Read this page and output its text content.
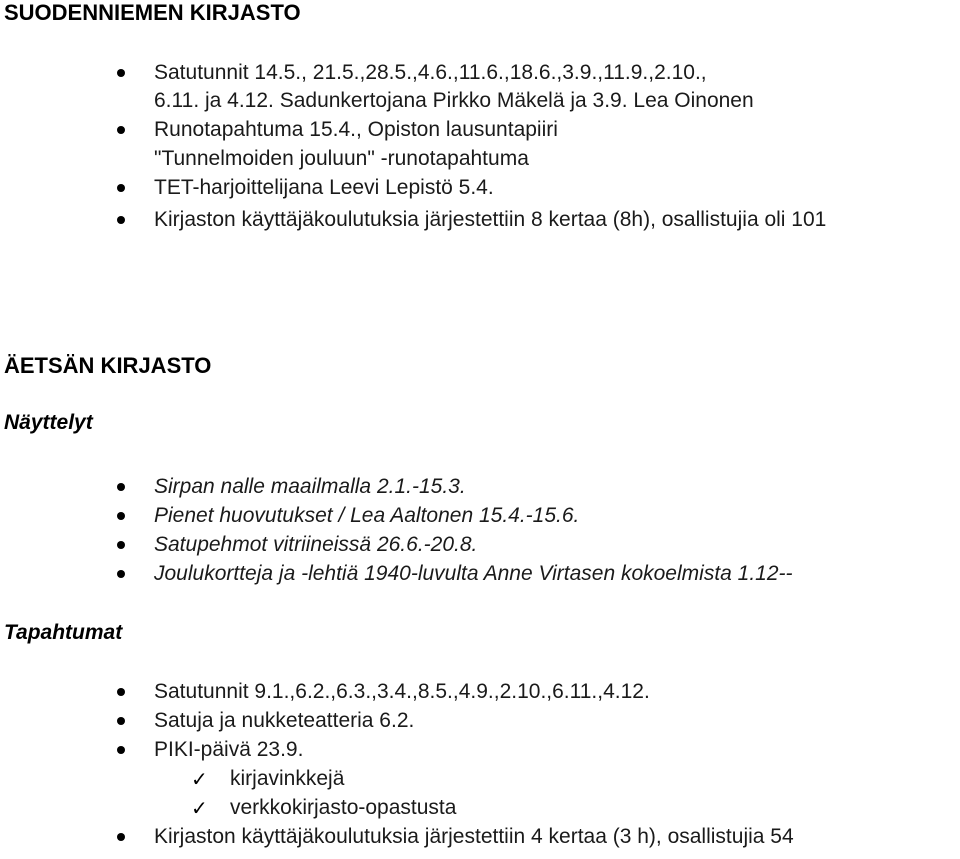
SUODENNIEMEN KIRJASTO
Satutunnit 14.5., 21.5.,28.5.,4.6.,11.6.,18.6.,3.9.,11.9.,2.10.,
6.11. ja 4.12. Sadunkertojana Pirkko Mäkelä ja 3.9. Lea Oinonen
Runotapahtuma 15.4., Opiston lausuntapiiri
"Tunnelmoiden jouluun" -runotapahtuma
TET-harjoittelijana Leevi Lepistö 5.4.
Kirjaston käyttäjäkoulutuksia järjestettiin 8 kertaa (8h), osallistujia oli 101
ÄETSÄN KIRJASTO
Näyttelyt
Sirpan nalle maailmalla 2.1.-15.3.
Pienet huovutukset / Lea Aaltonen 15.4.-15.6.
Satupehmot vitriineissä 26.6.-20.8.
Joulukortteja ja -lehtiä 1940-luvulta Anne Virtasen kokoelmista 1.12--
Tapahtumat
Satutunnit 9.1.,6.2.,6.3.,3.4.,8.5.,4.9.,2.10.,6.11.,4.12.
Satuja ja nukketeatteria 6.2.
PIKI-päivä 23.9.
✓ kirjavinkkejä
✓ verkkokirjasto-opastusta
Kirjaston käyttäjäkoulutuksia järjestettiin 4 kertaa (3 h), osallistujia 54
